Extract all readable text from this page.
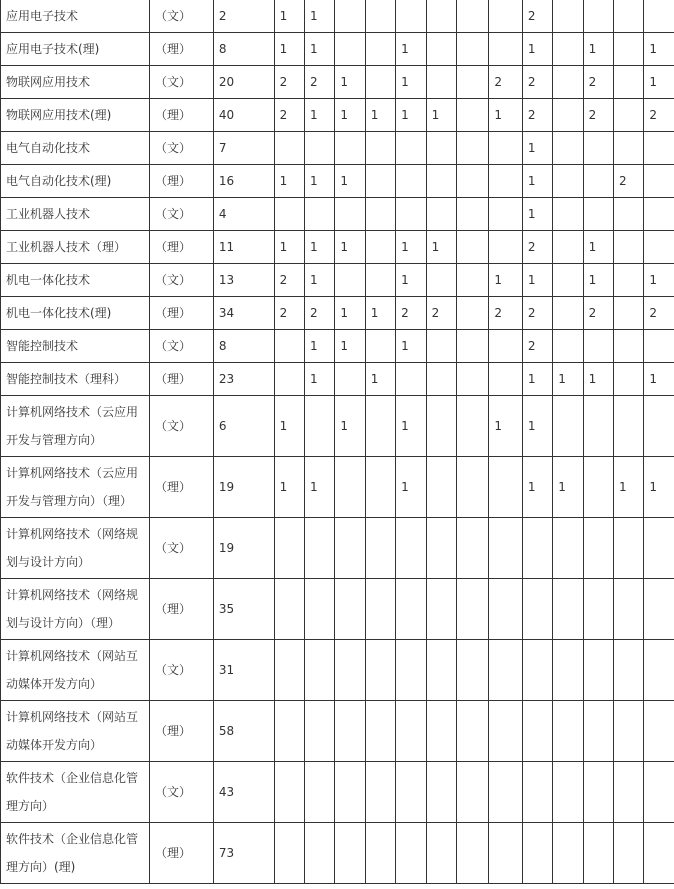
应用电子技术	（文）	2	1	1							2				
应用电子技术(理)	（理）	8	1	1			1				1		1		1
物联网应用技术	（文）	20	2	2	1		1			2	2		2		1
物联网应用技术(理)	（理）	40	2	1	1	1	1	1		1	2		2		2
电气自动化技术	（文）	7									1				
电气自动化技术(理)	（理）	16	1	1	1						1			2	
工业机器人技术	（文）	4									1				
工业机器人技术（理）	（理）	11	1	1	1		1	1			2		1		
机电一体化技术	（文）	13	2	1			1			1	1		1		1
机电一体化技术(理)	（理）	34	2	2	1	1	2	2		2	2		2		2
智能控制技术	（文）	8		1	1		1				2				
智能控制技术（理科）	（理）	23		1		1					1	1	1		1
计算机网络技术（云应用开发与管理方向）	（文）	6	1		1		1			1	1				
计算机网络技术（云应用开发与管理方向）（理）	（理）	19	1	1			1				1	1		1	1
计算机网络技术（网络规划与设计方向）	（文）	19													
计算机网络技术（网络规划与设计方向）（理）	（理）	35													
计算机网络技术（网站互动媒体开发方向）	（文）	31													
计算机网络技术（网站互动媒体开发方向）	（理）	58													
软件技术（企业信息化管理方向）	（文）	43													
软件技术（企业信息化管理方向）(理)	（理）	73													
